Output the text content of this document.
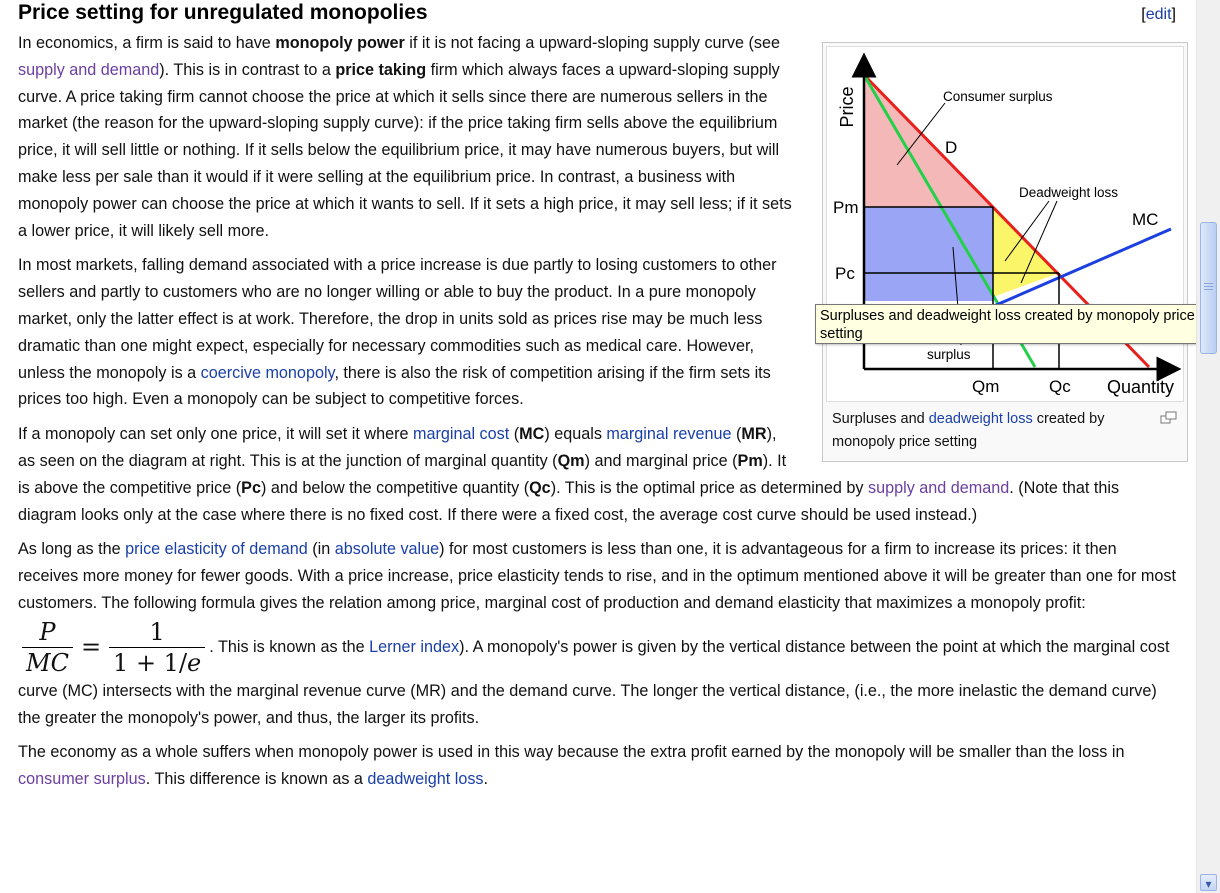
Price setting for unregulated monopolies	[edit]
Price
Quantity
Consumer surplus
D
Deadweight loss
MC
Pm
Pc
Qm	Qc
surplus
Surpluses and deadweight loss created by monopoly price setting

In economics, a firm is said to have monopoly power if it is not facing a upward-sloping supply curve (see supply and demand). This is in contrast to a price taking firm which always faces a upward-sloping supply curve. A price taking firm cannot choose the price at which it sells since there are numerous sellers in the market (the reason for the upward-sloping supply curve): if the price taking firm sells above the equilibrium price, it will sell little or nothing. If it sells below the equilibrium price, it may have numerous buyers, but will make less per sale than it would if it were selling at the equilibrium price. In contrast, a business with monopoly power can choose the price at which it wants to sell. If it sets a high price, it may sell less; if it sets a lower price, it will likely sell more.

In most markets, falling demand associated with a price increase is due partly to losing customers to other sellers and partly to customers who are no longer willing or able to buy the product. In a pure monopoly market, only the latter effect is at work. Therefore, the drop in units sold as prices rise may be much less dramatic than one might expect, especially for necessary commodities such as medical care. However, unless the monopoly is a coercive monopoly, there is also the risk of competition arising if the firm sets its prices too high. Even a monopoly can be subject to competitive forces.

If a monopoly can set only one price, it will set it where marginal cost (MC) equals marginal revenue (MR), as seen on the diagram at right. This is at the junction of marginal quantity (Qm) and marginal price (Pm). It is above the competitive price (Pc) and below the competitive quantity (Qc). This is the optimal price as determined by supply and demand. (Note that this diagram looks only at the case where there is no fixed cost. If there were a fixed cost, the average cost curve should be used instead.)

As long as the price elasticity of demand (in absolute value) for most customers is less than one, it is advantageous for a firm to increase its prices: it then receives more money for fewer goods. With a price increase, price elasticity tends to rise, and in the optimum mentioned above it will be greater than one for most customers. The following formula gives the relation among price, marginal cost of production and demand elasticity that maximizes a monopoly profit:
$\frac{P}{MC} = \frac{1}{1 + 1/e}$ . This is known as the Lerner index). A monopoly's power is given by the vertical distance between the point at which the marginal cost curve (MC) intersects with the marginal revenue curve (MR) and the demand curve. The longer the vertical distance, (i.e., the more inelastic the demand curve) the greater the monopoly's power, and thus, the larger its profits.

The economy as a whole suffers when monopoly power is used in this way because the extra profit earned by the monopoly will be smaller than the loss in consumer surplus. This difference is known as a deadweight loss.

Surpluses and deadweight loss created by monopoly price setting
▾
